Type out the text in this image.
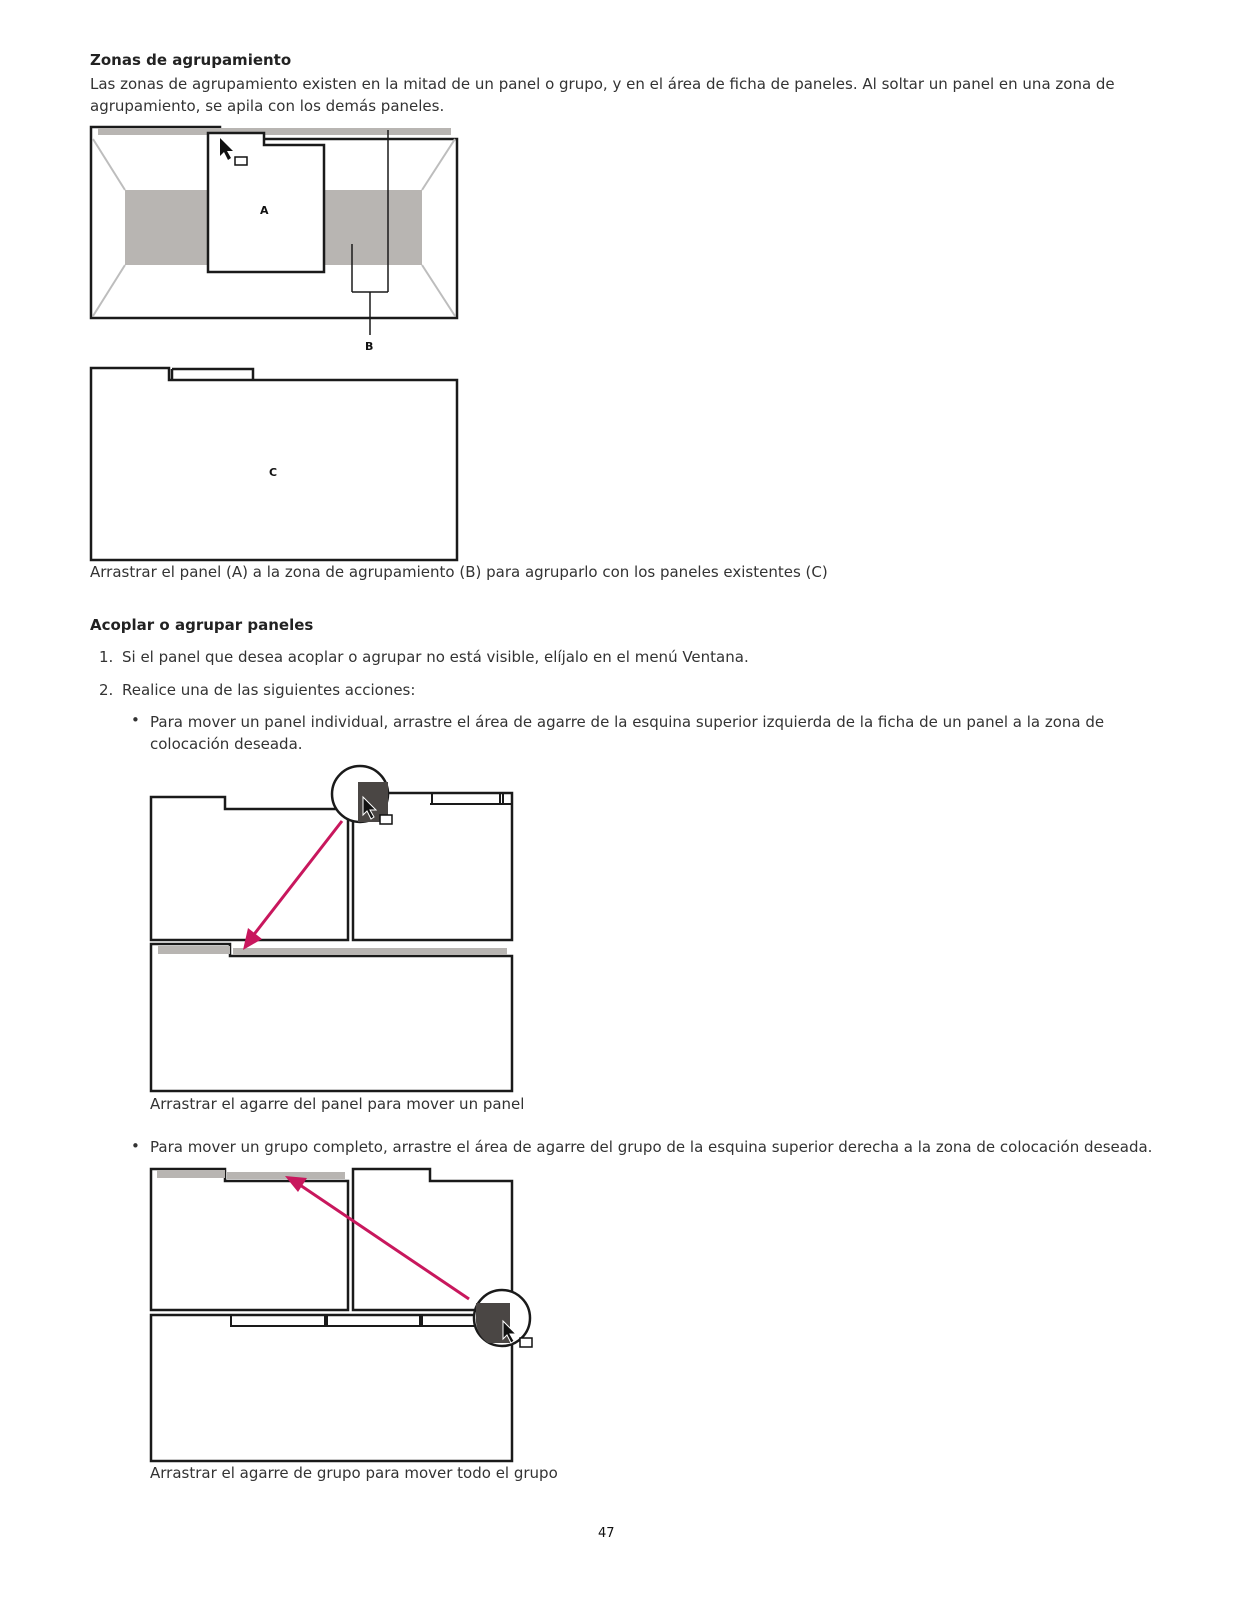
Zonas de agrupamiento
Las zonas de agrupamiento existen en la mitad de un panel o grupo, y en el área de ficha de paneles. Al soltar un panel en una zona de
agrupamiento, se apila con los demás paneles.
A
B
C
Arrastrar el panel (A) a la zona de agrupamiento (B) para agruparlo con los paneles existentes (C)
Acoplar o agrupar paneles
1. Si el panel que desea acoplar o agrupar no está visible, elíjalo en el menú Ventana.
2. Realice una de las siguientes acciones:
• Para mover un panel individual, arrastre el área de agarre de la esquina superior izquierda de la ficha de un panel a la zona de
colocación deseada.
Arrastrar el agarre del panel para mover un panel
• Para mover un grupo completo, arrastre el área de agarre del grupo de la esquina superior derecha a la zona de colocación deseada.
Arrastrar el agarre de grupo para mover todo el grupo
47
